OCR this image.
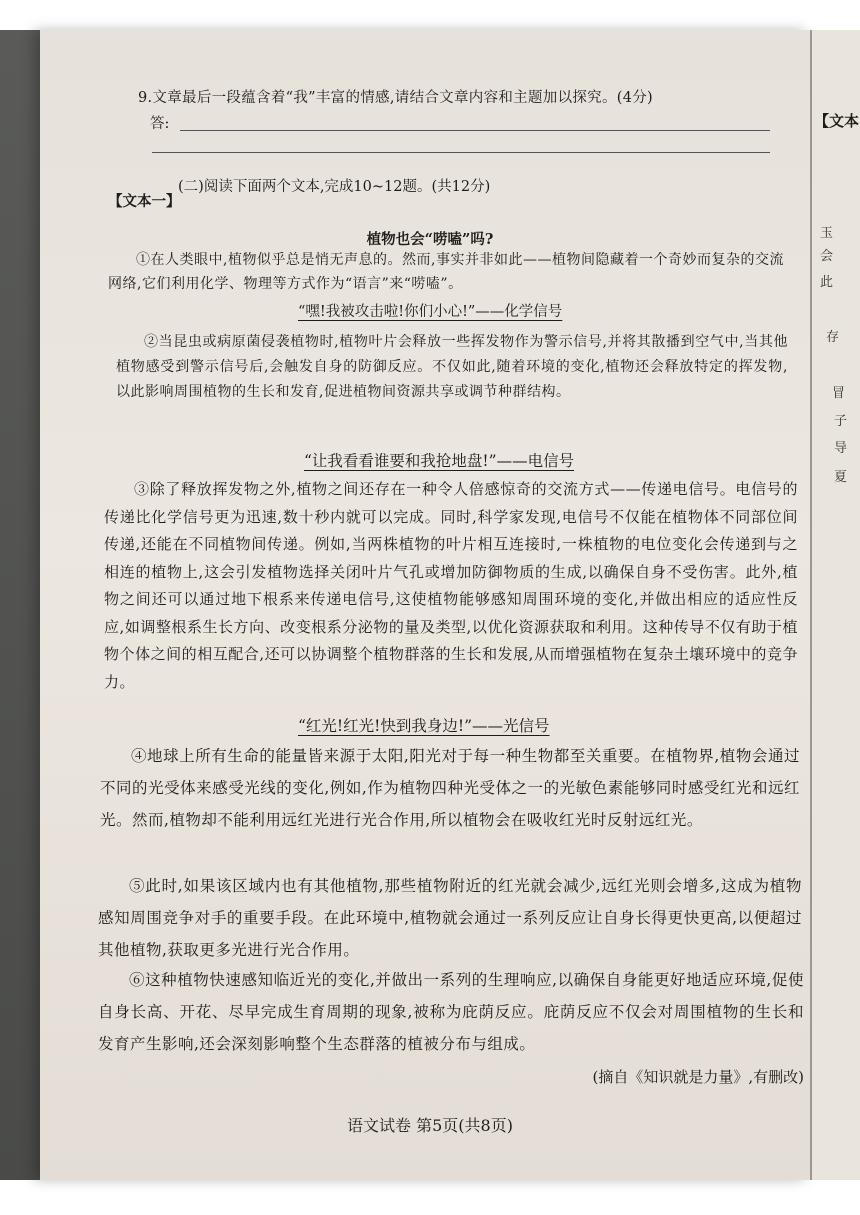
【文本
玉
会
此
存
冒
子
导
夏
9.文章最后一段蕴含着“我”丰富的情感,请结合文章内容和主题加以探究。(4分)
答:
(二)阅读下面两个文本,完成10~12题。(共12分)
【文本一】
植物也会“唠嗑”吗?
①在人类眼中,植物似乎总是悄无声息的。然而,事实并非如此——植物间隐藏着一个奇妙而复杂的交流网络,它们利用化学、物理等方式作为“语言”来“唠嗑”。
“嘿!我被攻击啦!你们小心!”——化学信号
②当昆虫或病原菌侵袭植物时,植物叶片会释放一些挥发物作为警示信号,并将其散播到空气中,当其他植物感受到警示信号后,会触发自身的防御反应。不仅如此,随着环境的变化,植物还会释放特定的挥发物,以此影响周围植物的生长和发育,促进植物间资源共享或调节种群结构。
“让我看看谁要和我抢地盘!”——电信号
③除了释放挥发物之外,植物之间还存在一种令人倍感惊奇的交流方式——传递电信号。电信号的传递比化学信号更为迅速,数十秒内就可以完成。同时,科学家发现,电信号不仅能在植物体不同部位间传递,还能在不同植物间传递。例如,当两株植物的叶片相互连接时,一株植物的电位变化会传递到与之相连的植物上,这会引发植物选择关闭叶片气孔或增加防御物质的生成,以确保自身不受伤害。此外,植物之间还可以通过地下根系来传递电信号,这使植物能够感知周围环境的变化,并做出相应的适应性反应,如调整根系生长方向、改变根系分泌物的量及类型,以优化资源获取和利用。这种传导不仅有助于植物个体之间的相互配合,还可以协调整个植物群落的生长和发展,从而增强植物在复杂土壤环境中的竞争力。
“红光!红光!快到我身边!”——光信号
④地球上所有生命的能量皆来源于太阳,阳光对于每一种生物都至关重要。在植物界,植物会通过不同的光受体来感受光线的变化,例如,作为植物四种光受体之一的光敏色素能够同时感受红光和远红光。然而,植物却不能利用远红光进行光合作用,所以植物会在吸收红光时反射远红光。
⑤此时,如果该区域内也有其他植物,那些植物附近的红光就会减少,远红光则会增多,这成为植物感知周围竞争对手的重要手段。在此环境中,植物就会通过一系列反应让自身长得更快更高,以便超过其他植物,获取更多光进行光合作用。
⑥这种植物快速感知临近光的变化,并做出一系列的生理响应,以确保自身能更好地适应环境,促使自身长高、开花、尽早完成生育周期的现象,被称为庇荫反应。庇荫反应不仅会对周围植物的生长和发育产生影响,还会深刻影响整个生态群落的植被分布与组成。
(摘自《知识就是力量》,有删改)
语文试卷 第5页(共8页)
